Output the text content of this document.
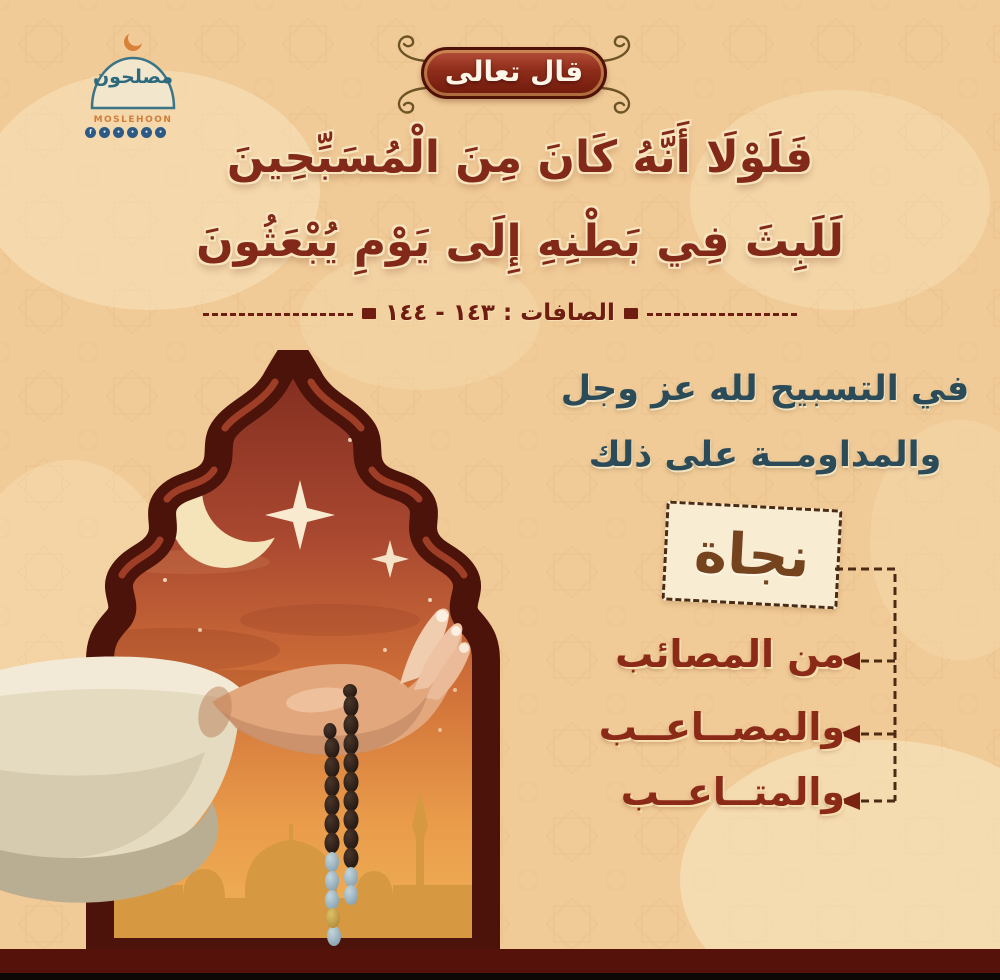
مصلحون
MOSLEHOON
f	•	•	•	•	•
قال تعالى
فَلَوْلَا أَنَّهُ كَانَ مِنَ الْمُسَبِّحِينَ
لَلَبِثَ فِي بَطْنِهِ إِلَى يَوْمِ يُبْعَثُونَ
الصافات : ١٤٣ - ١٤٤
في التسبيح لله عز وجل
والمداومــة على ذلك
نجاة
من المصائب
والمصــاعــب
والمتــاعــب
